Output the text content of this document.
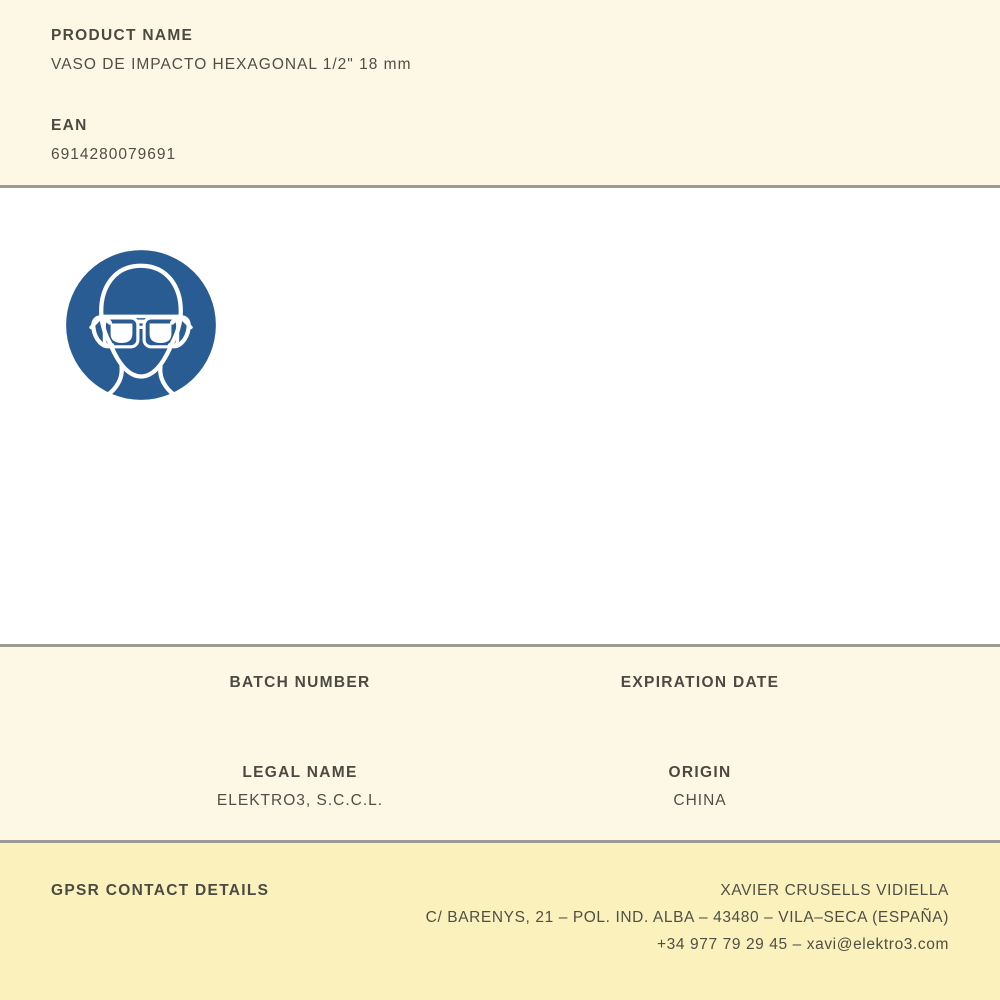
PRODUCT NAME
VASO DE IMPACTO HEXAGONAL 1/2" 18 mm
EAN
6914280079691
BATCH NUMBER	EXPIRATION DATE
LEGAL NAME
ELEKTRO3, S.C.C.L.
ORIGIN
CHINA
GPSR CONTACT DETAILS	XAVIER CRUSELLS VIDIELLA
C/ BARENYS, 21 – POL. IND. ALBA – 43480 – VILA–SECA (ESPAÑA)
+34 977 79 29 45 – xavi@elektro3.com
